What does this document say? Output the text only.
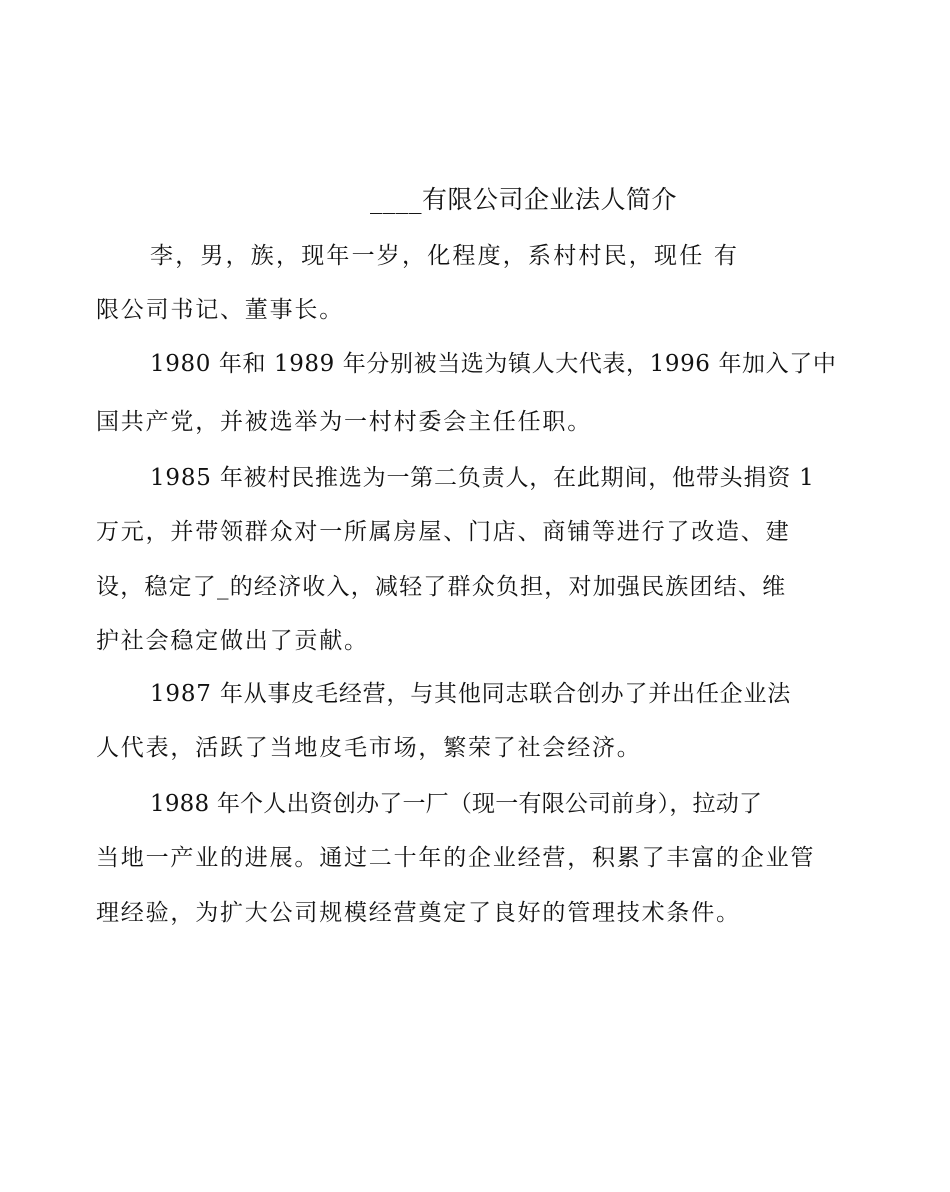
____有限公司企业法人简介
李，男，族，现年一岁，化程度，系村村民，现任 有
限公司书记、董事长。
1980 年和 1989 年分别被当选为镇人大代表，1996 年加入了中
国共产党，并被选举为一村村委会主任任职。
1985 年被村民推选为一第二负责人，在此期间，他带头捐资 1
万元，并带领群众对一所属房屋、门店、商铺等进行了改造、建
设，稳定了_的经济收入，减轻了群众负担，对加强民族团结、维
护社会稳定做出了贡献。
1987 年从事皮毛经营，与其他同志联合创办了并出任企业法
人代表，活跃了当地皮毛市场，繁荣了社会经济。
1988 年个人出资创办了一厂（现一有限公司前身），拉动了
当地一产业的进展。通过二十年的企业经营，积累了丰富的企业管
理经验，为扩大公司规模经营奠定了良好的管理技术条件。
